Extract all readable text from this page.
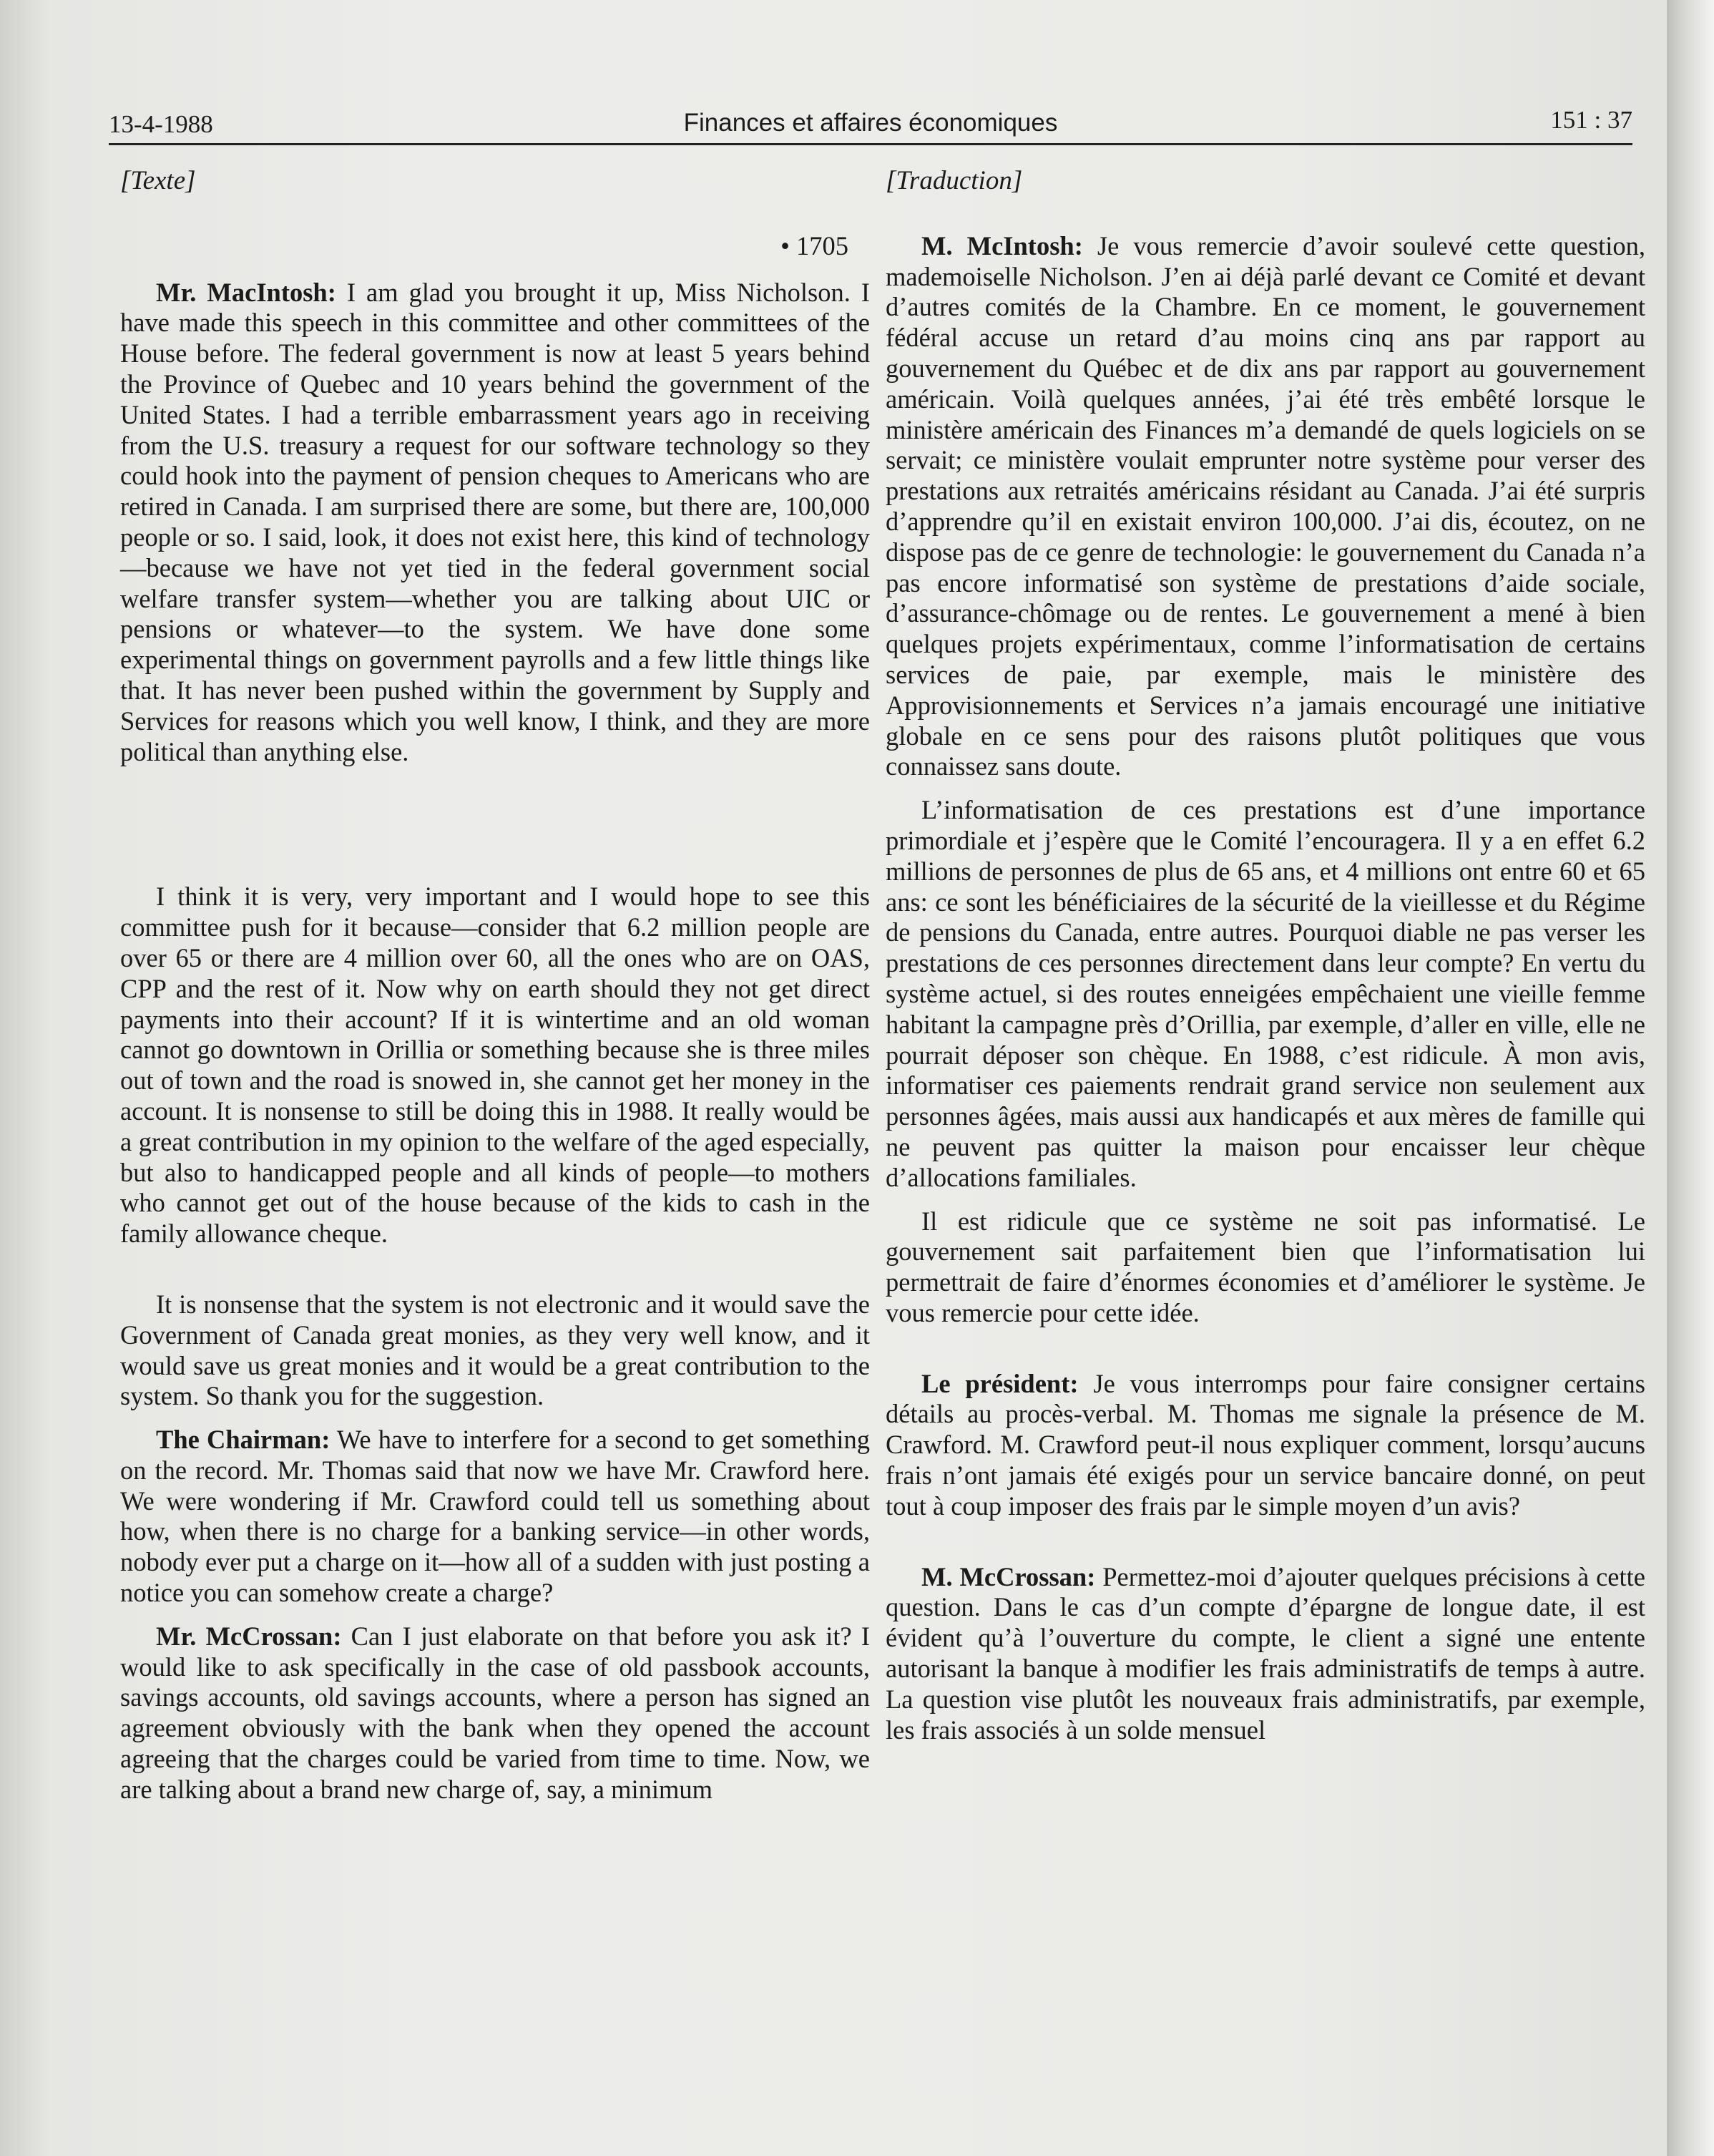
13-4-1988	Finances et affaires économiques	151 : 37
[Texte]
• 1705

Mr. MacIntosh: I am glad you brought it up, Miss Nicholson. I have made this speech in this committee and other committees of the House before. The federal government is now at least 5 years behind the Province of Quebec and 10 years behind the government of the United States. I had a terrible embarrassment years ago in receiving from the U.S. treasury a request for our software technology so they could hook into the payment of pension cheques to Americans who are retired in Canada. I am surprised there are some, but there are, 100,000 people or so. I said, look, it does not exist here, this kind of technology—because we have not yet tied in the federal government social welfare transfer system—whether you are talking about UIC or pensions or whatever—to the system. We have done some experimental things on government payrolls and a few little things like that. It has never been pushed within the government by Supply and Services for reasons which you well know, I think, and they are more political than anything else.

I think it is very, very important and I would hope to see this committee push for it because—consider that 6.2 million people are over 65 or there are 4 million over 60, all the ones who are on OAS, CPP and the rest of it. Now why on earth should they not get direct payments into their account? If it is wintertime and an old woman cannot go downtown in Orillia or something because she is three miles out of town and the road is snowed in, she cannot get her money in the account. It is nonsense to still be doing this in 1988. It really would be a great contribution in my opinion to the welfare of the aged especially, but also to handicapped people and all kinds of people—to mothers who cannot get out of the house because of the kids to cash in the family allowance cheque.

It is nonsense that the system is not electronic and it would save the Government of Canada great monies, as they very well know, and it would save us great monies and it would be a great contribution to the system. So thank you for the suggestion.

The Chairman: We have to interfere for a second to get something on the record. Mr. Thomas said that now we have Mr. Crawford here. We were wondering if Mr. Crawford could tell us something about how, when there is no charge for a banking service—in other words, nobody ever put a charge on it—how all of a sudden with just posting a notice you can somehow create a charge?

Mr. McCrossan: Can I just elaborate on that before you ask it? I would like to ask specifically in the case of old passbook accounts, savings accounts, old savings accounts, where a person has signed an agreement obviously with the bank when they opened the account agreeing that the charges could be varied from time to time. Now, we are talking about a brand new charge of, say, a minimum

[Traduction]

M. McIntosh: Je vous remercie d’avoir soulevé cette question, mademoiselle Nicholson. J’en ai déjà parlé devant ce Comité et devant d’autres comités de la Chambre. En ce moment, le gouvernement fédéral accuse un retard d’au moins cinq ans par rapport au gouvernement du Québec et de dix ans par rapport au gouvernement américain. Voilà quelques années, j’ai été très embêté lorsque le ministère américain des Finances m’a demandé de quels logiciels on se servait; ce ministère voulait emprunter notre système pour verser des prestations aux retraités américains résidant au Canada. J’ai été surpris d’apprendre qu’il en existait environ 100,000. J’ai dis, écoutez, on ne dispose pas de ce genre de technologie: le gouvernement du Canada n’a pas encore informatisé son système de prestations d’aide sociale, d’assurance-chômage ou de rentes. Le gouvernement a mené à bien quelques projets expérimentaux, comme l’informatisation de certains services de paie, par exemple, mais le ministère des Approvisionnements et Services n’a jamais encouragé une initiative globale en ce sens pour des raisons plutôt politiques que vous connaissez sans doute.

L’informatisation de ces prestations est d’une importance primordiale et j’espère que le Comité l’encouragera. Il y a en effet 6.2 millions de personnes de plus de 65 ans, et 4 millions ont entre 60 et 65 ans: ce sont les bénéficiaires de la sécurité de la vieillesse et du Régime de pensions du Canada, entre autres. Pourquoi diable ne pas verser les prestations de ces personnes directement dans leur compte? En vertu du système actuel, si des routes enneigées empêchaient une vieille femme habitant la campagne près d’Orillia, par exemple, d’aller en ville, elle ne pourrait déposer son chèque. En 1988, c’est ridicule. À mon avis, informatiser ces paiements rendrait grand service non seulement aux personnes âgées, mais aussi aux handicapés et aux mères de famille qui ne peuvent pas quitter la maison pour encaisser leur chèque d’allocations familiales.

Il est ridicule que ce système ne soit pas informatisé. Le gouvernement sait parfaitement bien que l’informatisation lui permettrait de faire d’énormes économies et d’améliorer le système. Je vous remercie pour cette idée.

Le président: Je vous interromps pour faire consigner certains détails au procès-verbal. M. Thomas me signale la présence de M. Crawford. M. Crawford peut-il nous expliquer comment, lorsqu’aucuns frais n’ont jamais été exigés pour un service bancaire donné, on peut tout à coup imposer des frais par le simple moyen d’un avis?

M. McCrossan: Permettez-moi d’ajouter quelques précisions à cette question. Dans le cas d’un compte d’épargne de longue date, il est évident qu’à l’ouverture du compte, le client a signé une entente autorisant la banque à modifier les frais administratifs de temps à autre. La question vise plutôt les nouveaux frais administratifs, par exemple, les frais associés à un solde mensuel
